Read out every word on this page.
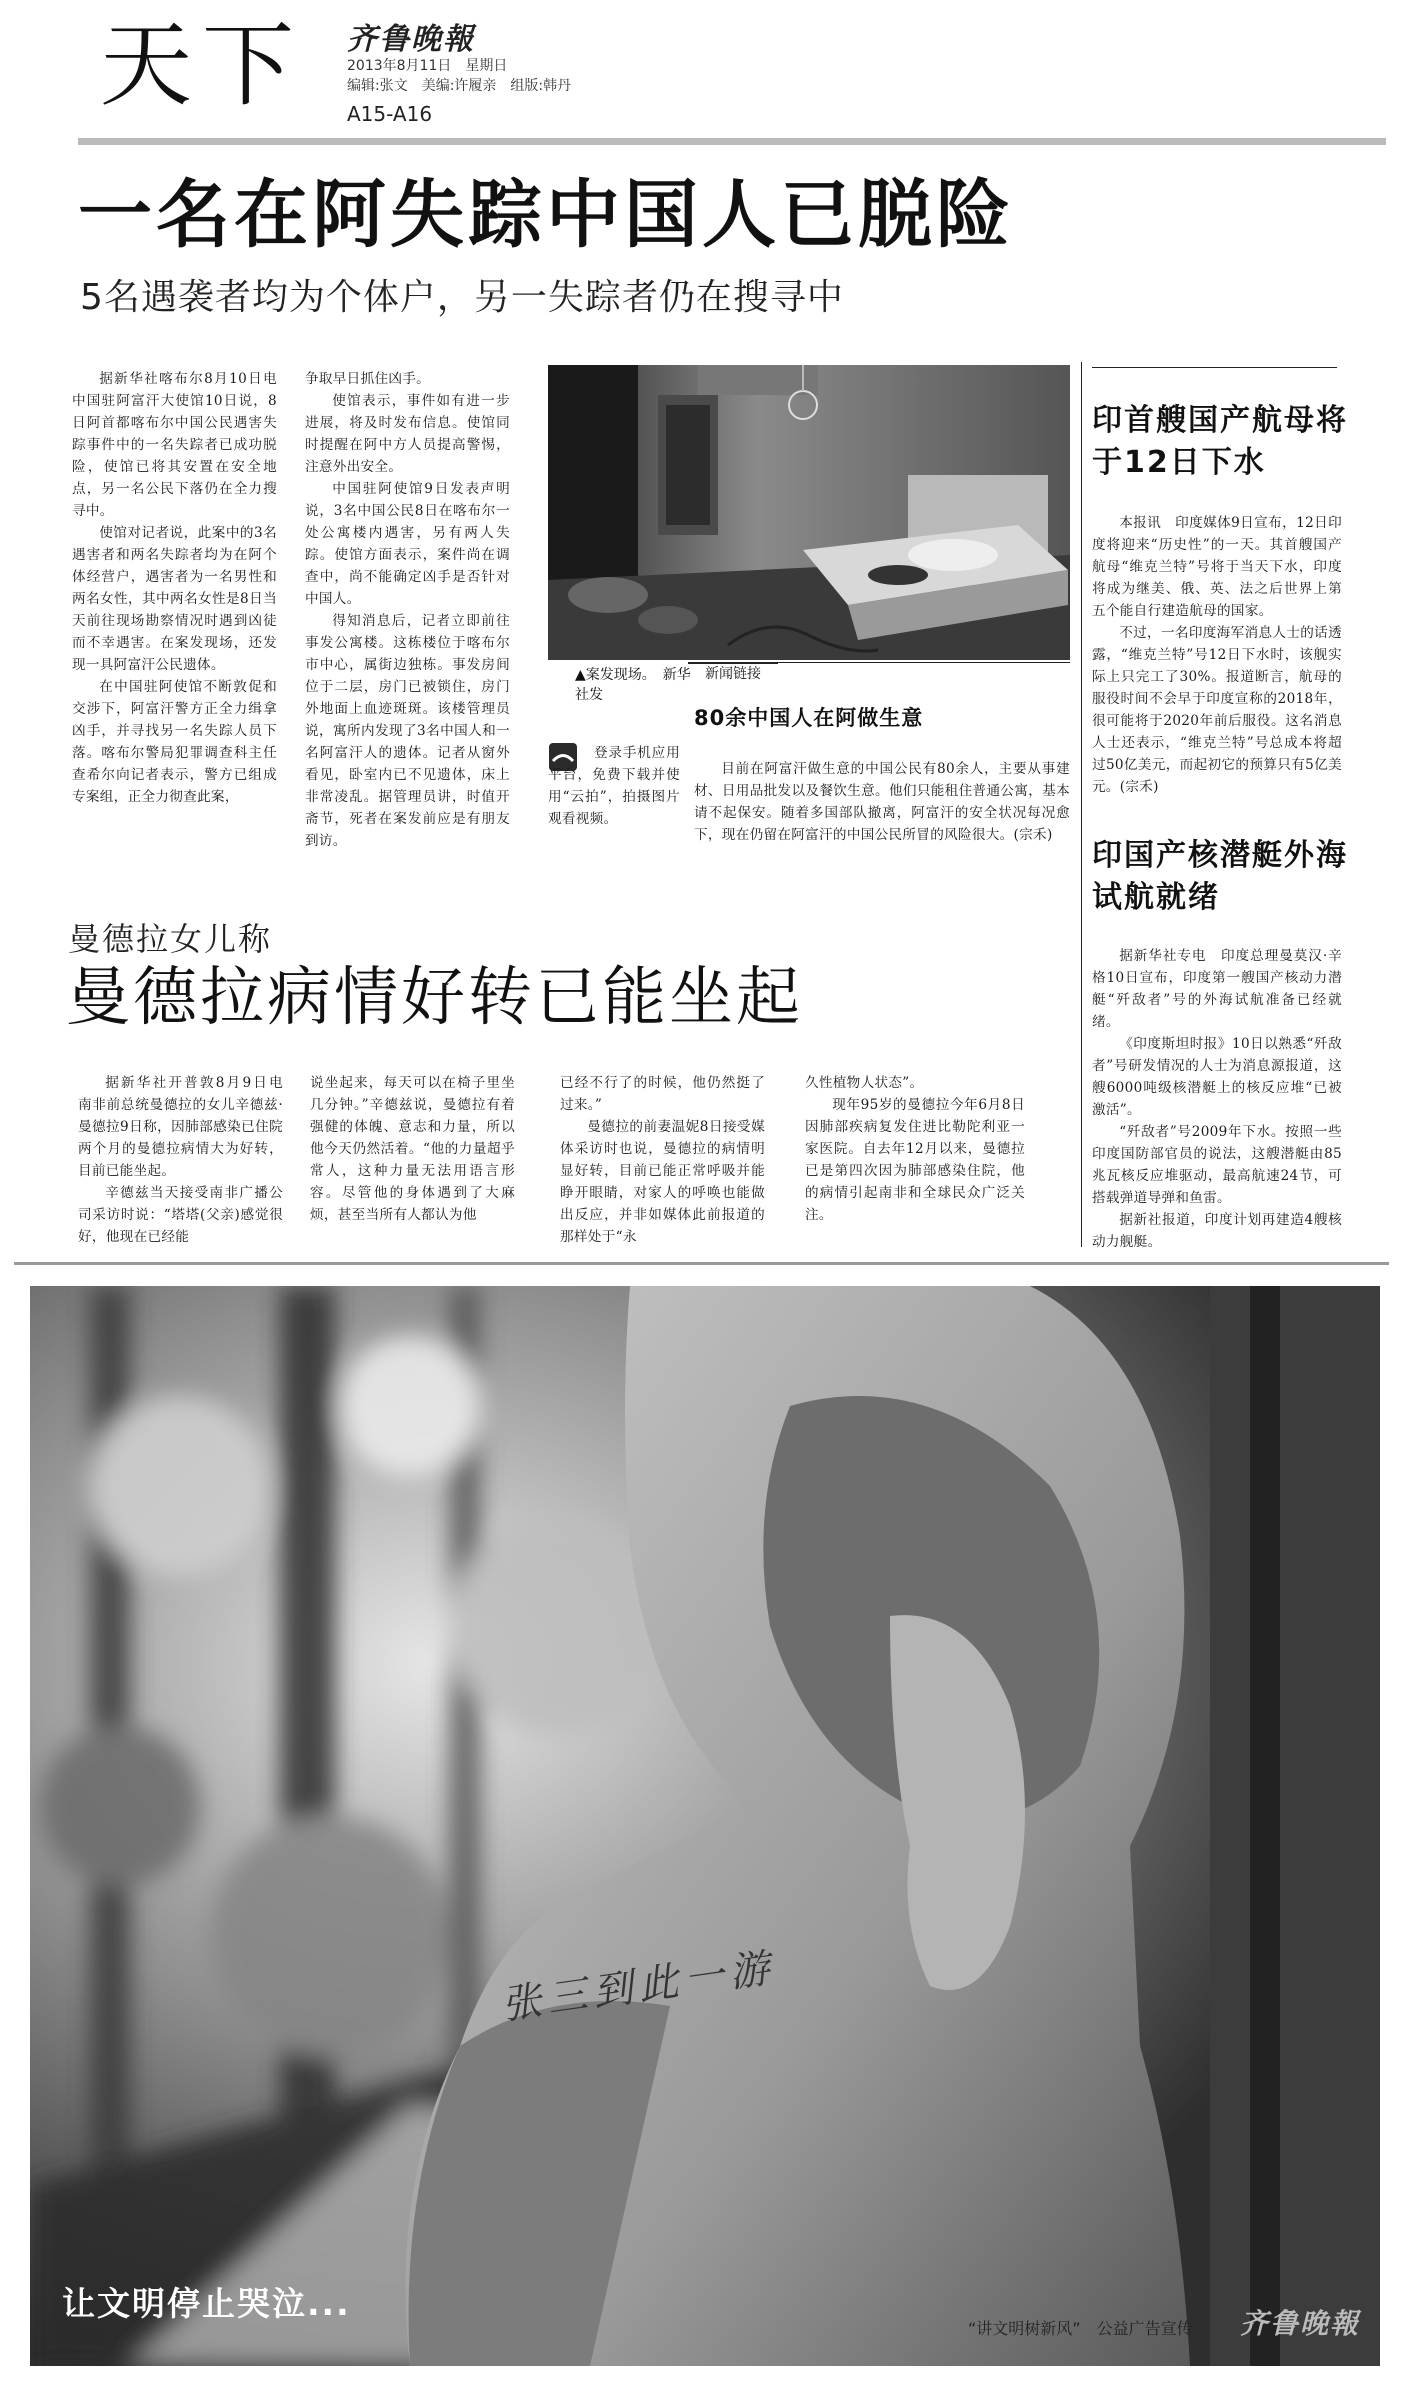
天下 齐鲁晚報
2013年8月11日　星期日
编辑:张文　美编:许履亲　组版:韩丹
A15-A16
一名在阿失踪中国人已脱险
5名遇袭者均为个体户，另一失踪者仍在搜寻中

据新华社喀布尔8月10日电　中国驻阿富汗大使馆10日说，8日阿首都喀布尔中国公民遇害失踪事件中的一名失踪者已成功脱险，使馆已将其安置在安全地点，另一名公民下落仍在全力搜寻中。

使馆对记者说，此案中的3名遇害者和两名失踪者均为在阿个体经营户，遇害者为一名男性和两名女性，其中两名女性是8日当天前往现场勘察情况时遇到凶徒而不幸遇害。在案发现场，还发现一具阿富汗公民遗体。

在中国驻阿使馆不断敦促和交涉下，阿富汗警方正全力缉拿凶手，并寻找另一名失踪人员下落。喀布尔警局犯罪调查科主任查希尔向记者表示，警方已组成专案组，正全力彻查此案，

争取早日抓住凶手。

使馆表示，事件如有进一步进展，将及时发布信息。使馆同时提醒在阿中方人员提高警惕，注意外出安全。

中国驻阿使馆9日发表声明说，3名中国公民8日在喀布尔一处公寓楼内遇害，另有两人失踪。使馆方面表示，案件尚在调查中，尚不能确定凶手是否针对中国人。

得知消息后，记者立即前往事发公寓楼。这栋楼位于喀布尔市中心，属街边独栋。事发房间位于二层，房门已被锁住，房门外地面上血迹斑斑。该楼管理员说，寓所内发现了3名中国人和一名阿富汗人的遗体。记者从窗外看见，卧室内已不见遗体，床上非常凌乱。据管理员讲，时值开斋节，死者在案发前应是有朋友到访。

▲案发现场。　新华社发
新闻链接
80余中国人在阿做生意

目前在阿富汗做生意的中国公民有80余人，主要从事建材、日用品批发以及餐饮生意。他们只能租住普通公寓，基本请不起保安。随着多国部队撤离，阿富汗的安全状况每况愈下，现在仍留在阿富汗的中国公民所冒的风险很大。(宗禾)

登录手机应用平台，免费下载并使用“云拍”，拍摄图片观看视频。

印首艘国产航母将于12日下水

本报讯　印度媒体9日宣布，12日印度将迎来“历史性”的一天。其首艘国产航母“维克兰特”号将于当天下水，印度将成为继美、俄、英、法之后世界上第五个能自行建造航母的国家。

不过，一名印度海军消息人士的话透露，“维克兰特”号12日下水时，该舰实际上只完工了30%。报道断言，航母的服役时间不会早于印度宣称的2018年，很可能将于2020年前后服役。这名消息人士还表示，“维克兰特”号总成本将超过50亿美元，而起初它的预算只有5亿美元。(宗禾)

印国产核潜艇外海试航就绪

据新华社专电　印度总理曼莫汉·辛格10日宣布，印度第一艘国产核动力潜艇“歼敌者”号的外海试航准备已经就绪。

《印度斯坦时报》10日以熟悉“歼敌者”号研发情况的人士为消息源报道，这艘6000吨级核潜艇上的核反应堆“已被激活”。

“歼敌者”号2009年下水。按照一些印度国防部官员的说法，这艘潜艇由85兆瓦核反应堆驱动，最高航速24节，可搭载弹道导弹和鱼雷。

据新社报道，印度计划再建造4艘核动力舰艇。

曼德拉女儿称
曼德拉病情好转已能坐起

据新华社开普敦8月9日电　南非前总统曼德拉的女儿辛德兹·曼德拉9日称，因肺部感染已住院两个月的曼德拉病情大为好转，目前已能坐起。

辛德兹当天接受南非广播公司采访时说：“塔塔(父亲)感觉很好，他现在已经能

说坐起来，每天可以在椅子里坐几分钟。”辛德兹说，曼德拉有着强健的体魄、意志和力量，所以他今天仍然活着。“他的力量超乎常人，这种力量无法用语言形容。尽管他的身体遇到了大麻烦，甚至当所有人都认为他

已经不行了的时候，他仍然挺了过来。”

曼德拉的前妻温妮8日接受媒体采访时也说，曼德拉的病情明显好转，目前已能正常呼吸并能睁开眼睛，对家人的呼唤也能做出反应，并非如媒体此前报道的那样处于“永

久性植物人状态”。

现年95岁的曼德拉今年6月8日因肺部疾病复发住进比勒陀利亚一家医院。自去年12月以来，曼德拉已是第四次因为肺部感染住院，他的病情引起南非和全球民众广泛关注。

张三到此一游
让文明停止哭泣...
“讲文明树新风”　公益广告宣传 齐鲁晚報
